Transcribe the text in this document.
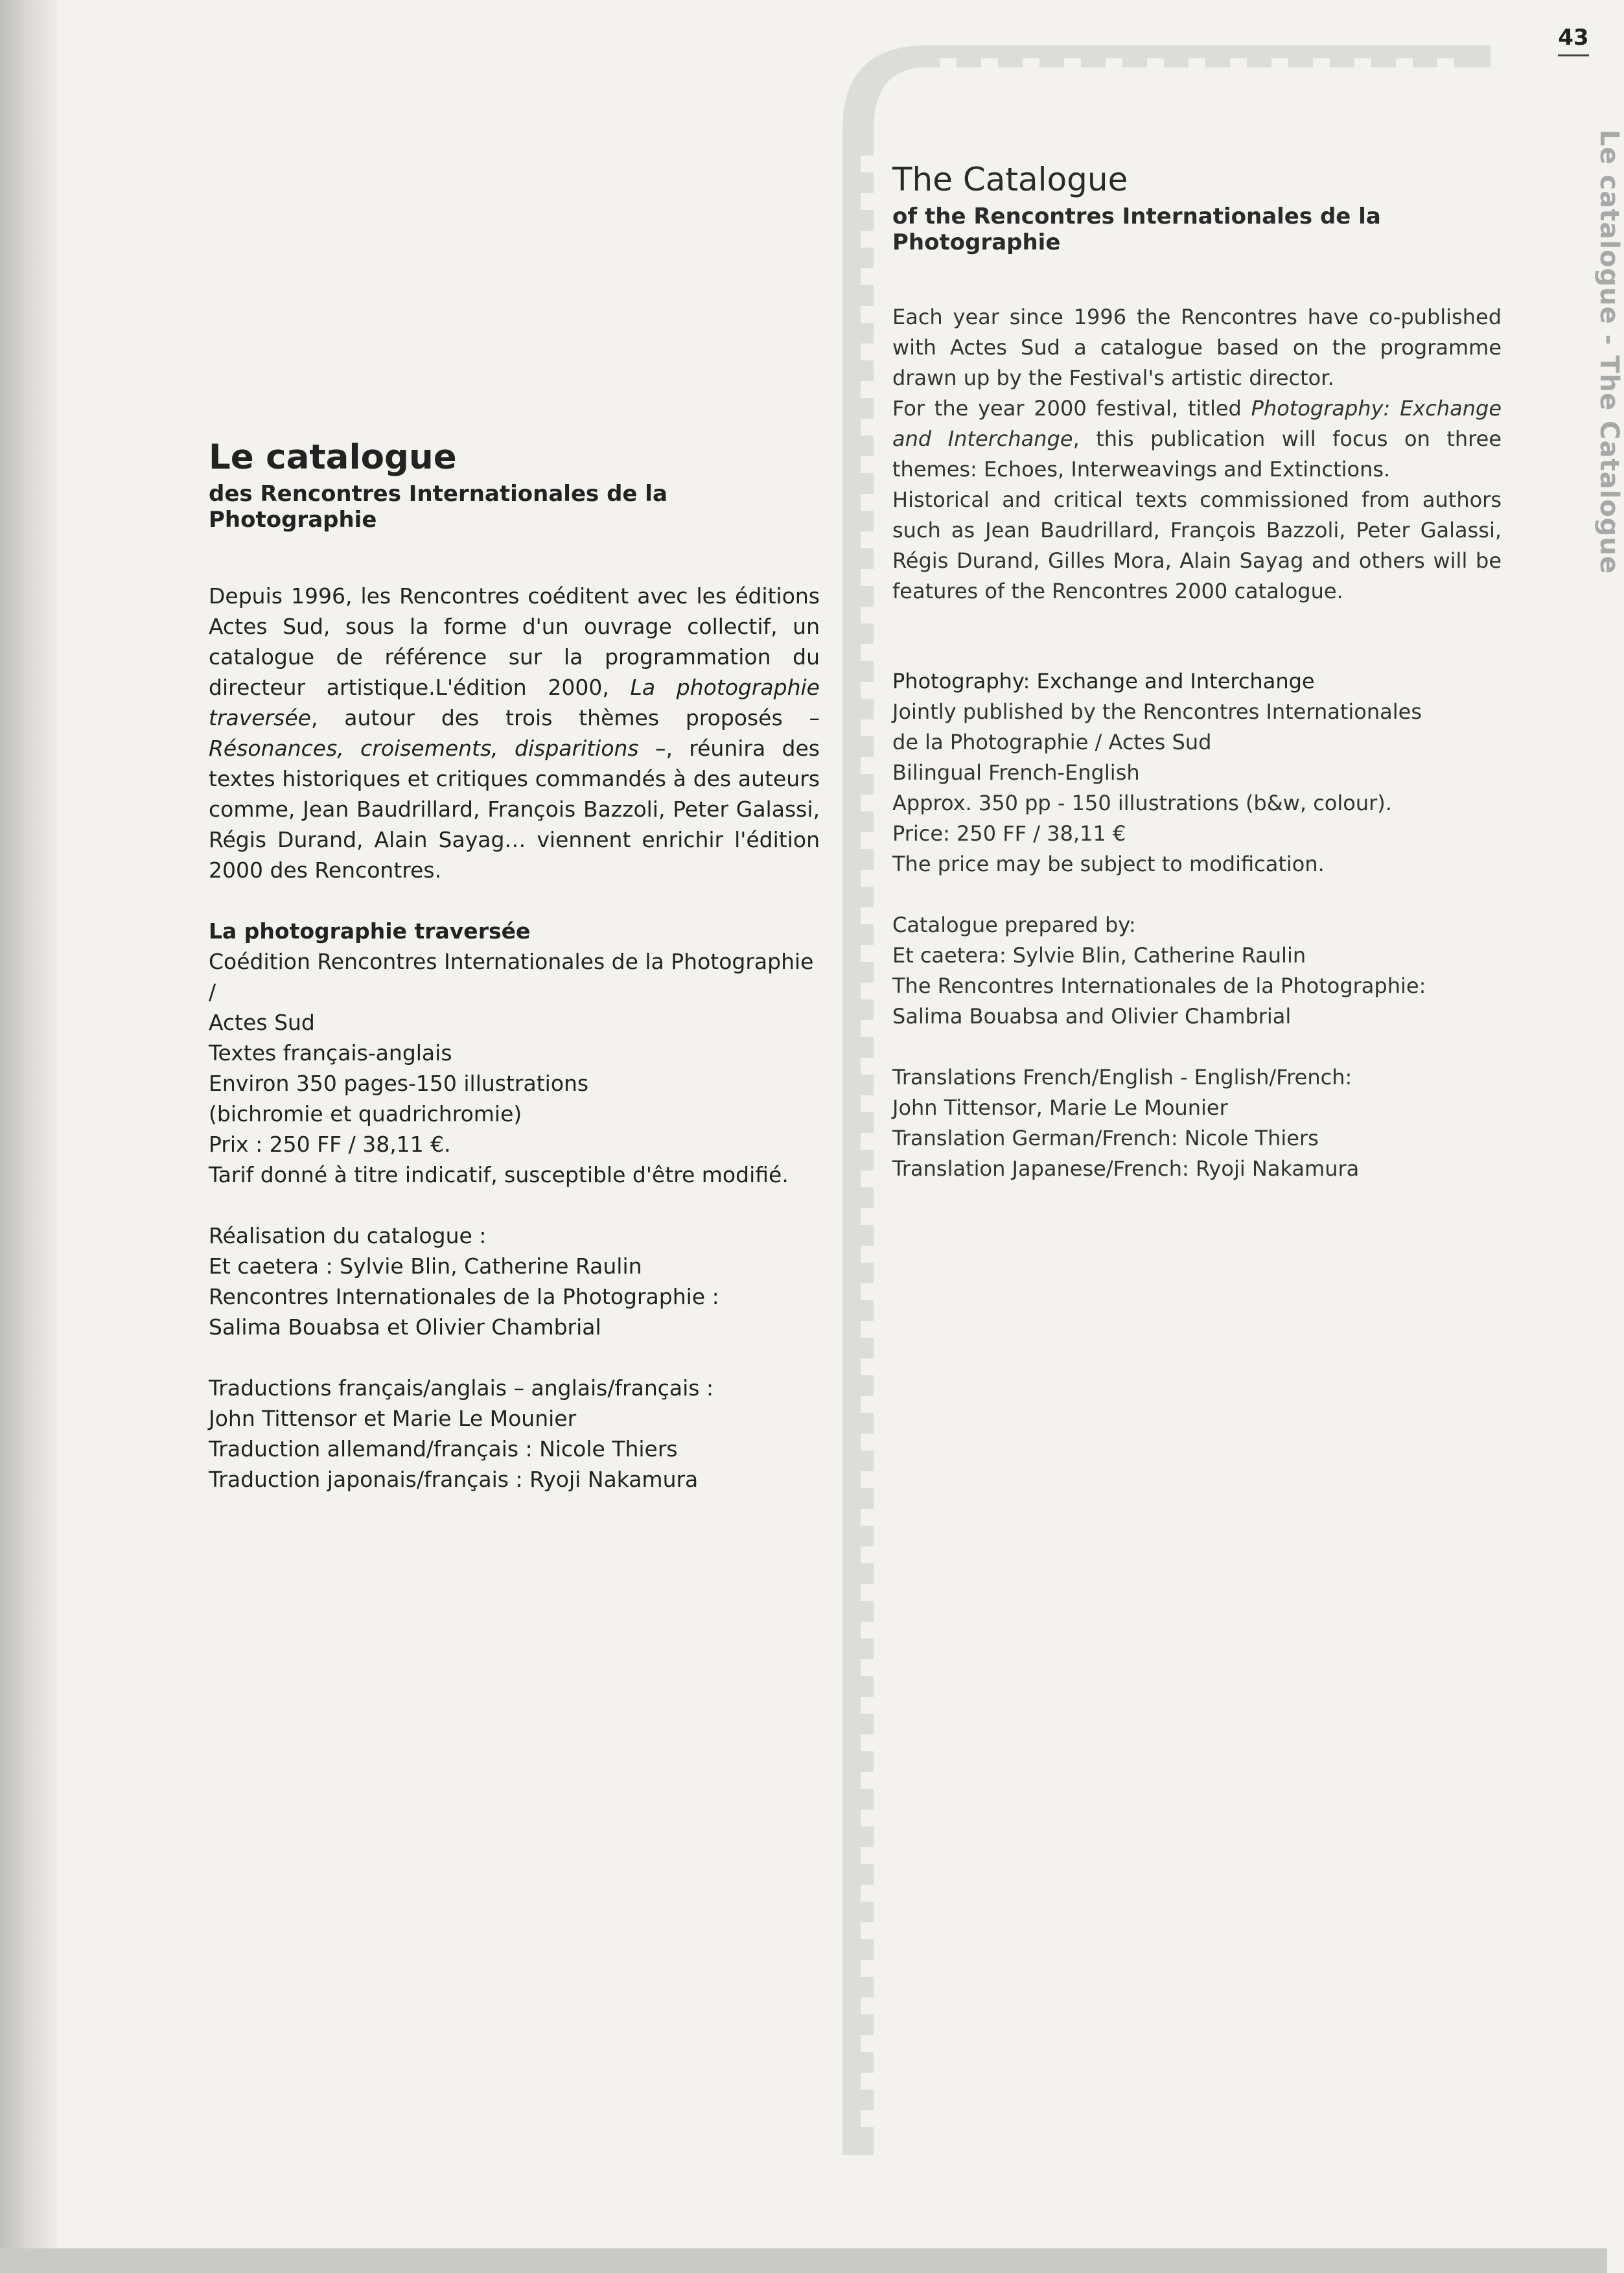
43
Le catalogue - The Catalogue
Le catalogue
des Rencontres Internationales de la Photographie

Depuis 1996, les Rencontres coéditent avec les éditions Actes Sud, sous la forme d'un ouvrage collectif, un catalogue de référence sur la programmation du directeur artistique.L'édition 2000, La photographie traversée, autour des trois thèmes proposés – Résonances, croisements, disparitions –, réunira des textes historiques et critiques commandés à des auteurs comme, Jean Baudrillard, François Bazzoli, Peter Galassi, Régis Durand, Alain Sayag… viennent enrichir l'édition 2000 des Rencontres.

La photographie traversée
Coédition Rencontres Internationales de la Photographie /
Actes Sud
Textes français-anglais
Environ 350 pages-150 illustrations
(bichromie et quadrichromie)
Prix : 250 FF / 38,11 €.
Tarif donné à titre indicatif, susceptible d'être modifié.
Réalisation du catalogue :
Et caetera : Sylvie Blin, Catherine Raulin
Rencontres Internationales de la Photographie :
Salima Bouabsa et Olivier Chambrial
Traductions français/anglais – anglais/français :
John Tittensor et Marie Le Mounier
Traduction allemand/français : Nicole Thiers
Traduction japonais/français : Ryoji Nakamura
The Catalogue
of the Rencontres Internationales de la Photographie

Each year since 1996 the Rencontres have co-published with Actes Sud a catalogue based on the programme drawn up by the Festival's artistic director.

For the year 2000 festival, titled Photography: Exchange and Interchange, this publication will focus on three themes: Echoes, Interweavings and Extinctions.

Historical and critical texts commissioned from authors such as Jean Baudrillard, François Bazzoli, Peter Galassi, Régis Durand, Gilles Mora, Alain Sayag and others will be features of the Rencontres 2000 catalogue.

Photography: Exchange and Interchange
Jointly published by the Rencontres Internationales
de la Photographie / Actes Sud
Bilingual French-English
Approx. 350 pp - 150 illustrations (b&w, colour).
Price: 250 FF / 38,11 €
The price may be subject to modification.
Catalogue prepared by:
Et caetera: Sylvie Blin, Catherine Raulin
The Rencontres Internationales de la Photographie:
Salima Bouabsa and Olivier Chambrial
Translations French/English - English/French:
John Tittensor, Marie Le Mounier
Translation German/French: Nicole Thiers
Translation Japanese/French: Ryoji Nakamura
